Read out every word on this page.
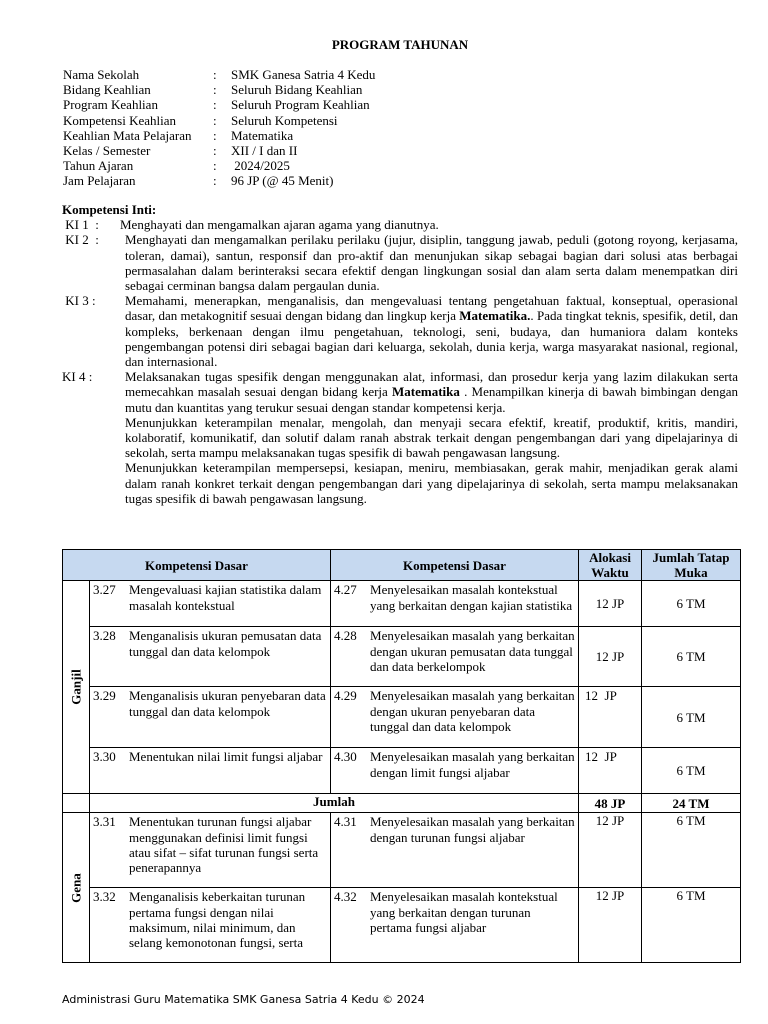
PROGRAM TAHUNAN
Nama Sekolah	: SMK Ganesa Satria 4 Kedu
Bidang Keahlian	: Seluruh Bidang Keahlian
Program Keahlian	: Seluruh Program Keahlian
Kompetensi Keahlian	: Seluruh Kompetensi
Keahlian Mata Pelajaran : Matematika
Kelas / Semester	: XII / I dan II
Tahun Ajaran	: 2024/2025
Jam Pelajaran	: 96 JP (@ 45 Menit)
Kompetensi Inti:
KI 1  : Menghayati dan mengamalkan ajaran agama yang dianutnya.
KI 2  : Menghayati dan mengamalkan perilaku perilaku (jujur, disiplin, tanggung jawab, peduli (gotong royong, kerjasama, toleran, damai), santun, responsif dan pro-aktif dan menunjukan sikap sebagai bagian dari solusi atas berbagai permasalahan dalam berinteraksi secara efektif dengan lingkungan sosial dan alam serta dalam menempatkan diri sebagai cerminan bangsa dalam pergaulan dunia.
KI 3 : Memahami, menerapkan, menganalisis, dan mengevaluasi tentang pengetahuan faktual, konseptual, operasional dasar, dan metakognitif sesuai dengan bidang dan lingkup kerja Matematika.. Pada tingkat teknis, spesifik, detil, dan kompleks, berkenaan dengan ilmu pengetahuan, teknologi, seni, budaya, dan humaniora dalam konteks pengembangan potensi diri sebagai bagian dari keluarga, sekolah, dunia kerja, warga masyarakat nasional, regional, dan internasional.
KI 4 :	Melaksanakan tugas spesifik dengan menggunakan alat, informasi, dan prosedur kerja yang lazim dilakukan serta memecahkan masalah sesuai dengan bidang kerja Matematika . Menampilkan kinerja di bawah bimbingan dengan mutu dan kuantitas yang terukur sesuai dengan standar kompetensi kerja.

Menunjukkan keterampilan menalar, mengolah, dan menyaji secara efektif, kreatif, produktif, kritis, mandiri, kolaboratif, komunikatif, dan solutif dalam ranah abstrak terkait dengan pengembangan dari yang dipelajarinya di sekolah, serta mampu melaksanakan tugas spesifik di bawah pengawasan langsung.

Menunjukkan keterampilan mempersepsi, kesiapan, meniru, membiasakan, gerak mahir, menjadikan gerak alami dalam ranah konkret terkait dengan pengembangan dari yang dipelajarinya di sekolah, serta mampu melaksanakan tugas spesifik di bawah pengawasan langsung.

Kompetensi Dasar		Kompetensi Dasar	Alokasi Waktu	Jumlah Tatap Muka

Ganjil	3.27 Mengevaluasi kajian statistika dalam masalah kontekstual	4.27 Menyelesaikan masalah kontekstual yang berkaitan dengan kajian statistika	12 JP	6 TM

	3.28 Menganalisis ukuran pemusatan data tunggal dan data kelompok	4.28 Menyelesaikan masalah yang berkaitan dengan ukuran pemusatan data tunggal dan data berkelompok	12 JP	6 TM

	3.29 Menganalisis ukuran penyebaran data tunggal dan data kelompok	4.29 Menyelesaikan masalah yang berkaitan dengan ukuran penyebaran data tunggal dan data kelompok	12  JP	6 TM

	3.30 Menentukan nilai limit fungsi aljabar	4.30 Menyelesaikan masalah yang berkaitan dengan limit fungsi aljabar	12  JP	6 TM
	Jumlah		48 JP	24 TM

Gena	3.31 Menentukan turunan fungsi aljabar menggunakan definisi limit fungsi atau sifat – sifat turunan fungsi serta penerapannya	4.31 Menyelesaikan masalah yang berkaitan dengan turunan fungsi aljabar	12 JP	6 TM

	3.32 Menganalisis keberkaitan turunan pertama fungsi dengan nilai maksimum, nilai minimum, dan selang kemonotonan fungsi, serta	4.32 Menyelesaikan masalah kontekstual yang berkaitan dengan turunan pertama fungsi aljabar	12 JP	6 TM
Administrasi Guru Matematika SMK Ganesa Satria 4 Kedu © 2024
